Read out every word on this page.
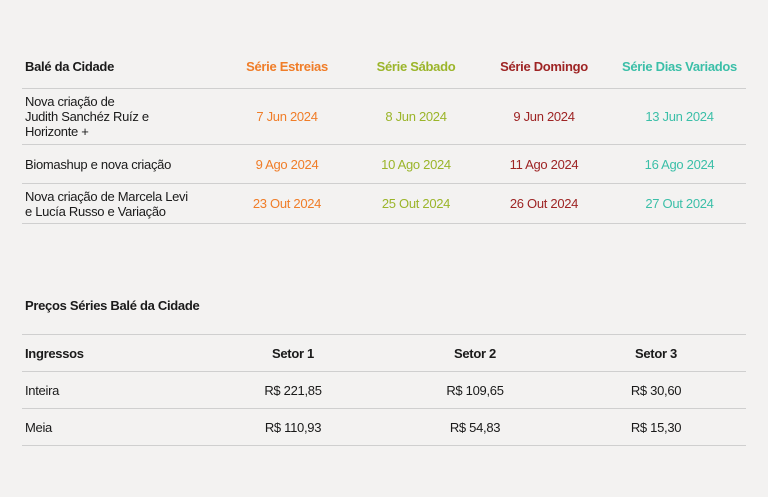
Balé da Cidade	Série Estreias	Série Sábado	Série Domingo	Série Dias Variados
Nova criação de
Judith Sanchéz Ruíz e
Horizonte +	7 Jun 2024	8 Jun 2024	9 Jun 2024	13 Jun 2024
Biomashup e nova criação	9 Ago 2024	10 Ago 2024	11 Ago 2024	16 Ago 2024
Nova criação de Marcela Levi
e Lucía Russo e Variação	23 Out 2024	25 Out 2024	26 Out 2024	27 Out 2024
Preços Séries Balé da Cidade
Ingressos	Setor 1	Setor 2	Setor 3
Inteira	R$ 221,85	R$ 109,65	R$ 30,60
Meia	R$ 110,93	R$ 54,83	R$ 15,30
